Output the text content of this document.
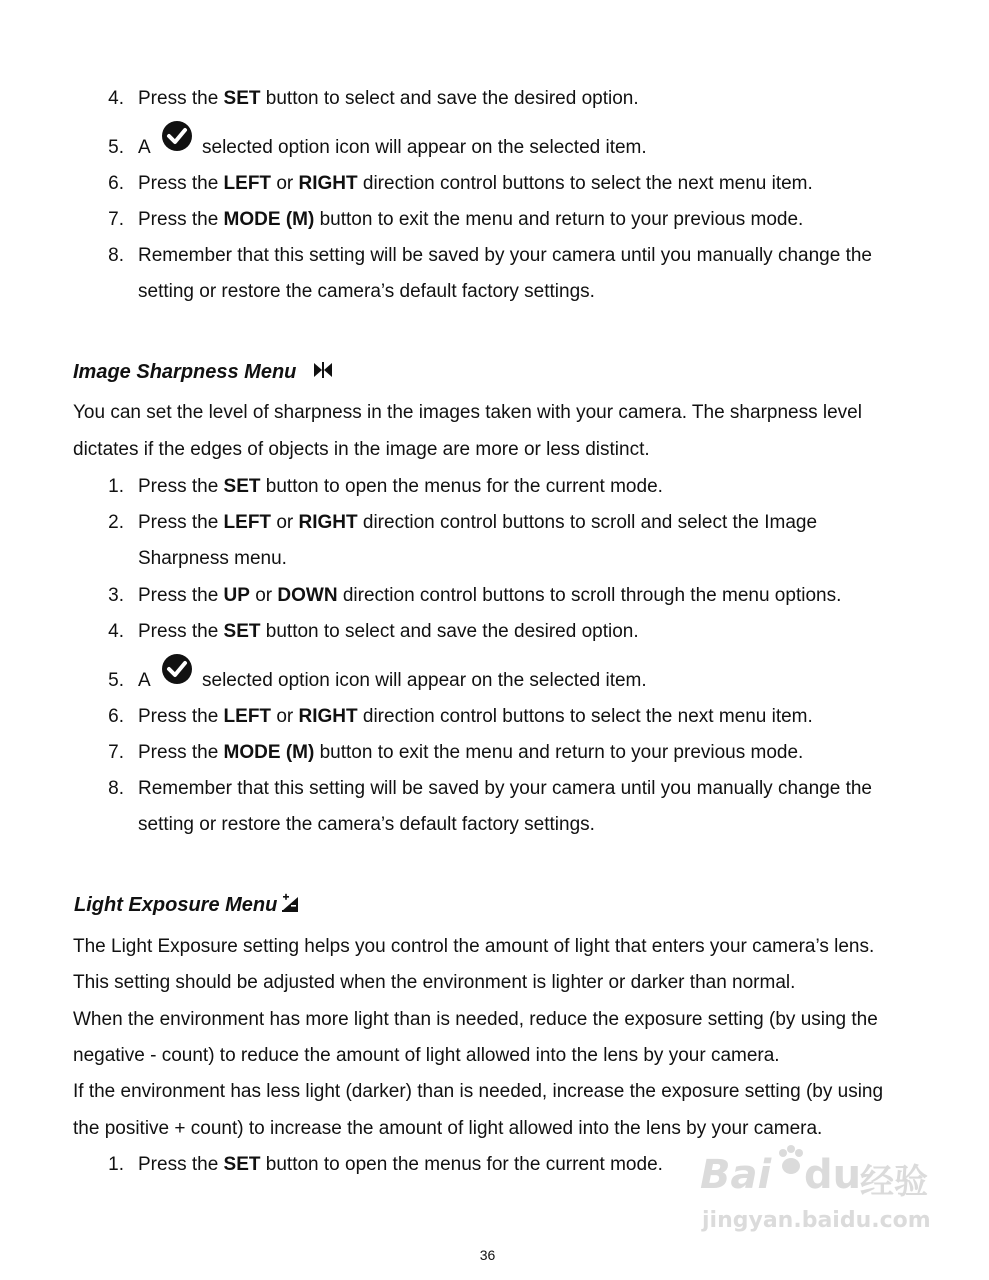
4. Press the SET button to select and save the desired option.
5. A	selected option icon will appear on the selected item.
6. Press the LEFT or RIGHT direction control buttons to select the next menu item.
7. Press the MODE (M) button to exit the menu and return to your previous mode.
8. Remember that this setting will be saved by your camera until you manually change the
setting or restore the camera’s default factory settings.
Image Sharpness Menu
You can set the level of sharpness in the images taken with your camera. The sharpness level
dictates if the edges of objects in the image are more or less distinct.
1. Press the SET button to open the menus for the current mode.
2. Press the LEFT or RIGHT direction control buttons to scroll and select the Image
Sharpness menu.
3. Press the UP or DOWN direction control buttons to scroll through the menu options.
4. Press the SET button to select and save the desired option.
5. A	selected option icon will appear on the selected item.
6. Press the LEFT or RIGHT direction control buttons to select the next menu item.
7. Press the MODE (M) button to exit the menu and return to your previous mode.
8. Remember that this setting will be saved by your camera until you manually change the
setting or restore the camera’s default factory settings.
Light Exposure Menu
The Light Exposure setting helps you control the amount of light that enters your camera’s lens.
This setting should be adjusted when the environment is lighter or darker than normal.
When the environment has more light than is needed, reduce the exposure setting (by using the
negative - count) to reduce the amount of light allowed into the lens by your camera.
If the environment has less light (darker) than is needed, increase the exposure setting (by using
the positive + count) to increase the amount of light allowed into the lens by your camera.
1. Press the SET button to open the menus for the current mode. Bai du
经验
jingyan.baidu.com
36
